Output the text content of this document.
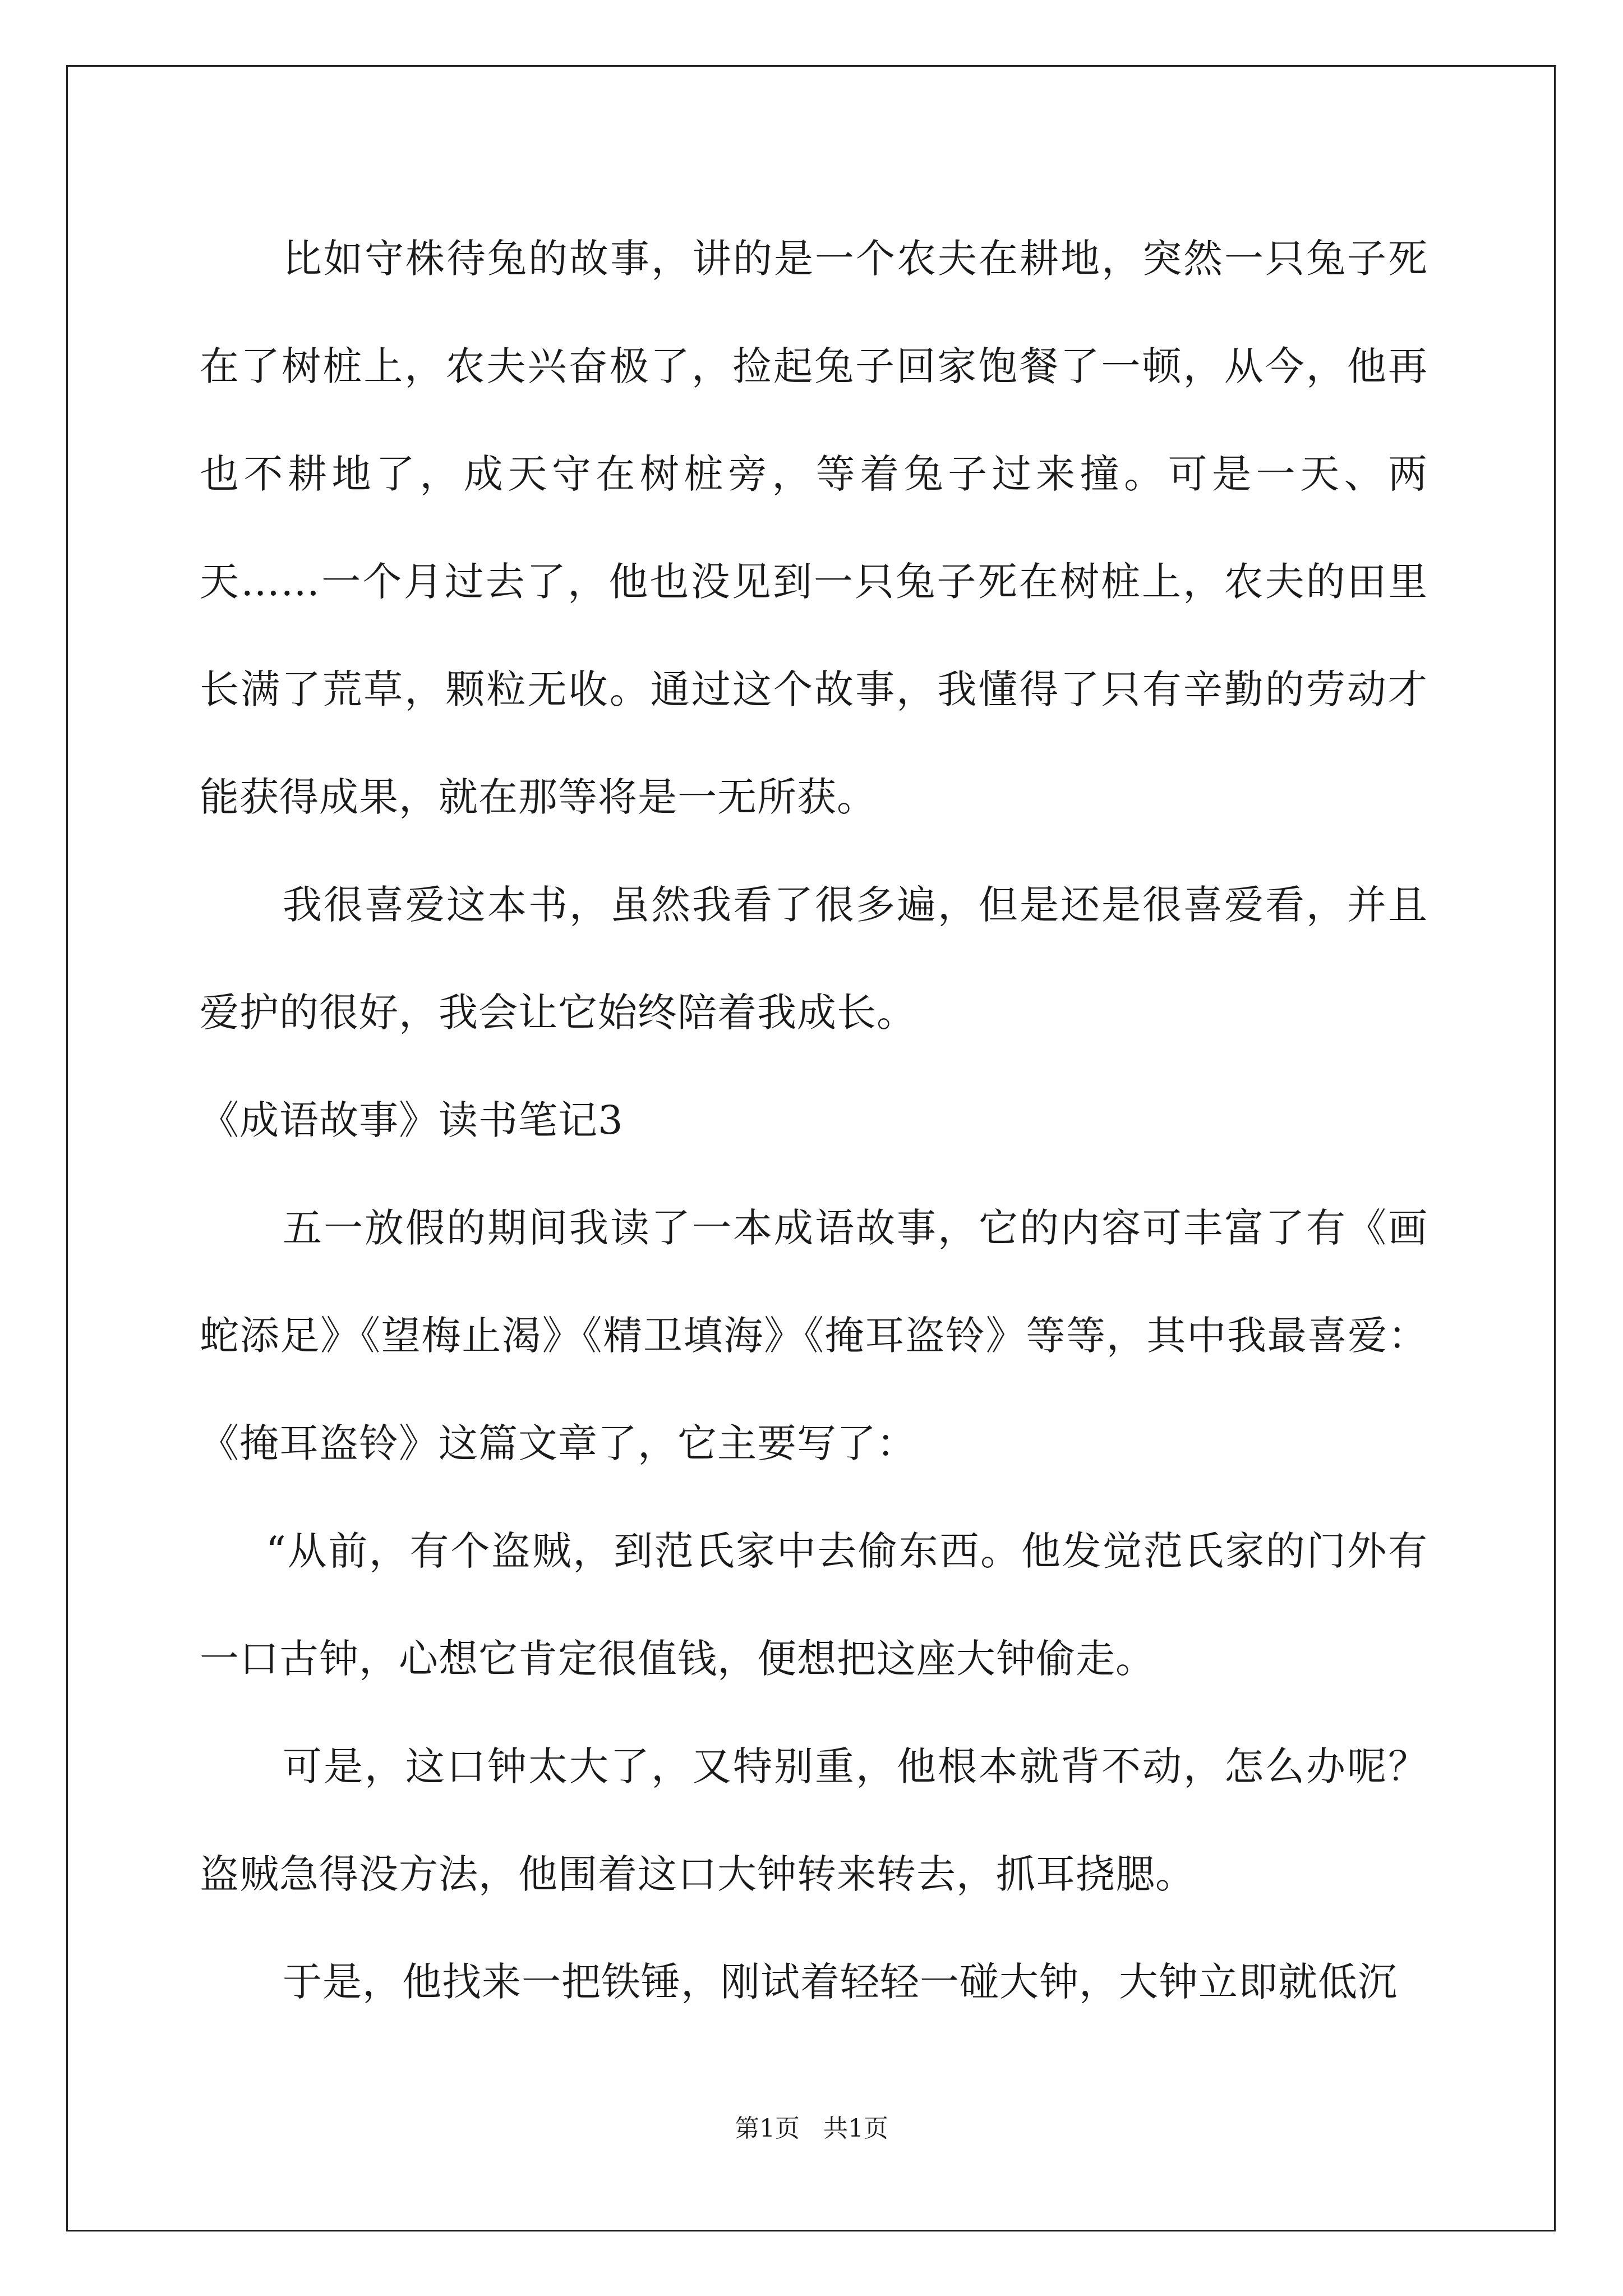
比如守株待兔的故事，讲的是一个农夫在耕地，突然一只兔子死在了树桩上，农夫兴奋极了，捡起兔子回家饱餐了一顿，从今，他再也不耕地了，成天守在树桩旁，等着兔子过来撞。可是一天、两天……一个月过去了，他也没见到一只兔子死在树桩上，农夫的田里长满了荒草，颗粒无收。通过这个故事，我懂得了只有辛勤的劳动才能获得成果，就在那等将是一无所获。

我很喜爱这本书，虽然我看了很多遍，但是还是很喜爱看，并且爱护的很好，我会让它始终陪着我成长。

《成语故事》读书笔记3

五一放假的期间我读了一本成语故事，它的内容可丰富了有《画蛇添足》《望梅止渴》《精卫填海》《掩耳盗铃》等等，其中我最喜爱：《掩耳盗铃》这篇文章了，它主要写了：

“从前，有个盗贼，到范氏家中去偷东西。他发觉范氏家的门外有一口古钟，心想它肯定很值钱，便想把这座大钟偷走。

可是，这口钟太大了，又特别重，他根本就背不动，怎么办呢？盗贼急得没方法，他围着这口大钟转来转去，抓耳挠腮。

于是，他找来一把铁锤，刚试着轻轻一碰大钟，大钟立即就低沉

第1页 共1页
